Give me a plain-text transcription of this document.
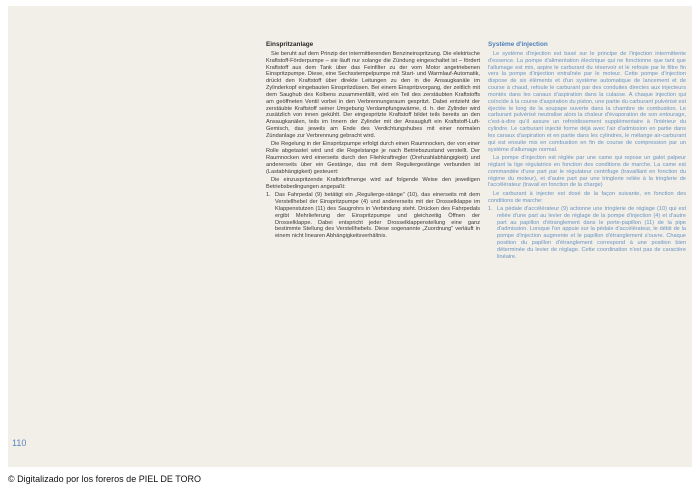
Einspritzanlage

Sie beruht auf dem Prinzip der intermittierenden Benzineinspritzung. Die elektrische Kraftstoff-Förderpumpe – sie läuft nur solange die Zündung eingeschaltet ist – fördert Kraftstoff aus dem Tank über das Feinfilter zu der vom Motor angetriebenen Einspritzpumpe. Diese, eine Sechsstempelpumpe mit Start- und Warmlauf-Automatik, drückt den Kraftstoff über direkte Leitungen zu den in die Ansaugkanäle im Zylinderkopf eingebauten Einspritzdüsen. Bei einem Einspritzvorgang, der zeitlich mit dem Saughub des Kolbens zusammenfällt, wird ein Teil des zerstäubten Kraftstoffs am geöffneten Ventil vorbei in den Verbrennungsraum gespritzt. Dabei entzieht der zerstäubte Kraftstoff seiner Umgebung Verdampfungswärme, d. h. der Zylinder wird zusätzlich von innen gekühlt. Der eingespritzte Kraftstoff bildet teils bereits an den Ansaugkanälen, teils im Innern der Zylinder mit der Ansaugluft ein Kraftstoff-Luft-Gemisch, das jeweils am Ende des Verdichtungshubes mit einer normalen Zündanlage zur Verbrennung gebracht wird.

Die Regelung in der Einspritzpumpe erfolgt durch einen Raumnocken, der von einer Rolle abgetastet wird und die Regelstange je nach Betriebszustand verstellt. Der Raumnocken wird einerseits durch den Fliehkraftregler (Drehzahlabhängigkeit) und andererseits über ein Gestänge, das mit dem Reguliergestänge verbunden ist (Lastabhängigkeit) gesteuert:

Die einzuspritzende Kraftstoffmenge wird auf folgende Weise den jeweiligen Betriebsbedingungen angepaßt:

1. Das Fahrpedal (9) betätigt ein „Regulierge-stänge“ (10), das einerseits mit dem Verstellhebel der Einspritzpumpe (4) und andererseits mit der Drosselklappe im Klappenstutzen (11) des Saugrohrs in Verbindung steht. Drücken des Fahrpedals ergibt Mehrlieferung der Einspritzpumpe und gleichzeitig Öffnen der Drosselklappe. Dabei entspricht jeder Drosselklappenstellung eine ganz bestimmte Stellung des Verstellhebels. Diese sogenannte „Zuordnung“ verläuft in einem nicht linearen Abhängigkeitsverhältnis.
Système d'injection

Le système d'injection est basé sur le principe de l'injection intermittente d'essence. La pompe d'alimentation électrique qui ne fonctionne que tant que l'allumage est mis, aspire le carburant du réservoir et le refoule par le filtre fin vers la pompe d'injection entraînée par le moteur. Cette pompe d'injection dispose de six éléments et d'un système automatique de lancement et de course à chaud, refoule le carburant par des conduites directes aux injecteurs montés dans les canaux d'aspiration dans la culasse. A chaque injection qui coïncide à la course d'aspiration du piston, une partie du carburant pulvérisé est éjectée le long de la soupape ouverte dans la chambre de combustion. Le carburant pulvérisé neutralise alors la chaleur d'évaporation de son entourage, c'est-à-dire qu'il assure un refroidissement supplémentaire à l'intérieur du cylindre. Le carburant injecté forme déjà avec l'air d'admission en partie dans les canaux d'aspiration et en partie dans les cylindres, le mélange air-carburant qui est ensuite mis en combustion en fin de course de compression par un système d'allumage normal.

La pompe d'injection est réglée par une came qui repose un galet palpeur réglant la tige régulatrice en fonction des conditions de marche. La came est commandée d'une part par le régulateur centrifuge (travaillant en fonction du régime du moteur), et d'autre part par une tringlerie reliée à la tringlerie de l'accélérateur (travail en fonction de la charge)

Le carburant à injecter est dosé de la façon suivante, en fonction des conditions de marche:

1. La pédale d'accélérateur (9) actionne une tringlerie de réglage (10) qui est reliée d'une part au levier de réglage de la pompe d'injection (4) et d'autre part au papillon d'étranglement dans le porte-papillon (11) de la pipe d'admission. Lorsque l'on appuie sur la pédale d'accélérateur, le débit de la pompe d'injection augmente et le papillon d'étranglement s'ouvre. Chaque position du papillon d'étranglement correspond à une position bien déterminée du levier de réglage. Cette coordination n'est pas de caractère linéaire.
110
© Digitalizado por los foreros de PIEL DE TORO
